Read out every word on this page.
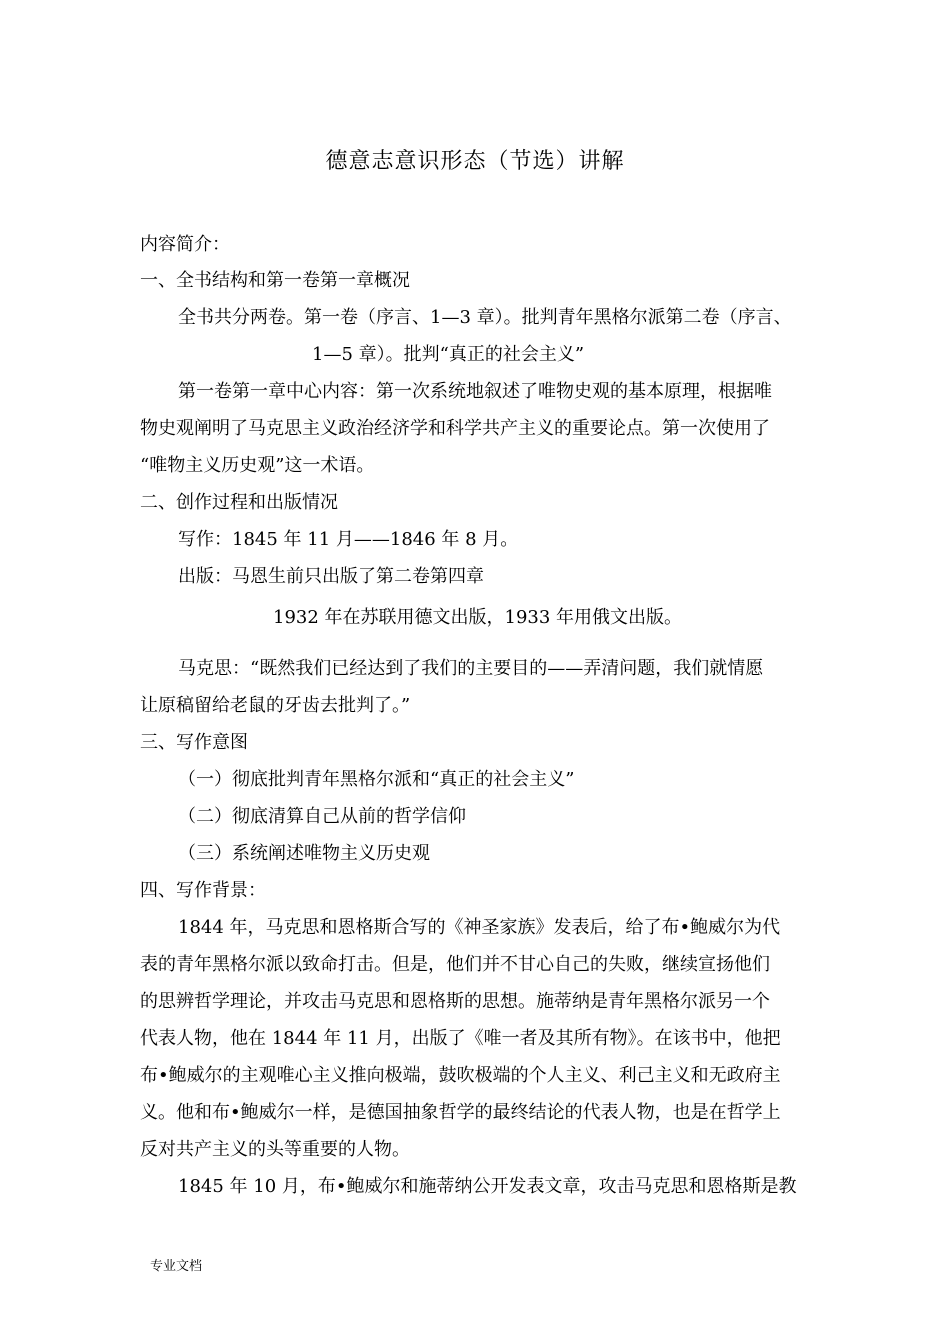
德意志意识形态（节选）讲解
内容简介：
一、全书结构和第一卷第一章概况
全书共分两卷。第一卷（序言、1—3 章）。批判青年黑格尔派第二卷（序言、
1—5 章）。批判“真正的社会主义”
第一卷第一章中心内容：第一次系统地叙述了唯物史观的基本原理，根据唯
物史观阐明了马克思主义政治经济学和科学共产主义的重要论点。第一次使用了
“唯物主义历史观”这一术语。
二、创作过程和出版情况
写作：1845 年 11 月——1846 年 8 月。
出版：马恩生前只出版了第二卷第四章
1932 年在苏联用德文出版，1933 年用俄文出版。
马克思：“既然我们已经达到了我们的主要目的——弄清问题，我们就情愿
让原稿留给老鼠的牙齿去批判了。”
三、写作意图
（一）彻底批判青年黑格尔派和“真正的社会主义”
（二）彻底清算自己从前的哲学信仰
（三）系统阐述唯物主义历史观
四、写作背景：
1844 年，马克思和恩格斯合写的《神圣家族》发表后，给了布•鲍威尔为代
表的青年黑格尔派以致命打击。但是，他们并不甘心自己的失败，继续宣扬他们
的思辨哲学理论，并攻击马克思和恩格斯的思想。施蒂纳是青年黑格尔派另一个
代表人物，他在 1844 年 11 月，出版了《唯一者及其所有物》。在该书中，他把
布•鲍威尔的主观唯心主义推向极端，鼓吹极端的个人主义、利己主义和无政府主
义。他和布•鲍威尔一样，是德国抽象哲学的最终结论的代表人物，也是在哲学上
反对共产主义的头等重要的人物。
1845 年 10 月，布•鲍威尔和施蒂纳公开发表文章，攻击马克思和恩格斯是教
专业文档
